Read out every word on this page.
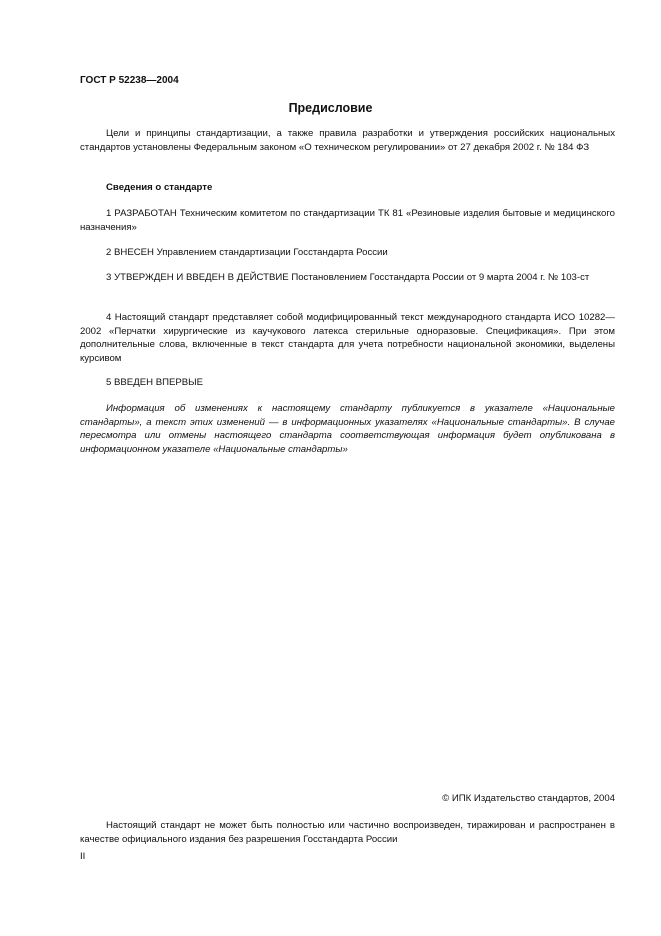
ГОСТ Р 52238—2004
Предисловие
Цели и принципы стандартизации, а также правила разработки и утверждения российских национальных стандартов установлены Федеральным законом «О техническом регулировании» от 27 декабря 2002 г. № 184 ФЗ
Сведения о стандарте
1 РАЗРАБОТАН Техническим комитетом по стандартизации ТК 81 «Резиновые изделия бытовые и медицинского назначения»
2 ВНЕСЕН Управлением стандартизации Госстандарта России
3 УТВЕРЖДЕН И ВВЕДЕН В ДЕЙСТВИЕ Постановлением Госстандарта России от 9 марта 2004 г. № 103-ст
4 Настоящий стандарт представляет собой модифицированный текст международного стандарта ИСО 10282—2002 «Перчатки хирургические из каучукового латекса стерильные одноразовые. Спецификация». При этом дополнительные слова, включенные в текст стандарта для учета потребности национальной экономики, выделены курсивом
5 ВВЕДЕН ВПЕРВЫЕ
Информация об изменениях к настоящему стандарту публикуется в указателе «Национальные стандарты», а текст этих изменений — в информационных указателях «Национальные стандарты». В случае пересмотра или отмены настоящего стандарта соответствующая информация будет опубликована в информационном указателе «Национальные стандарты»
© ИПК Издательство стандартов, 2004
Настоящий стандарт не может быть полностью или частично воспроизведен, тиражирован и распространен в качестве официального издания без разрешения Госстандарта России
II
